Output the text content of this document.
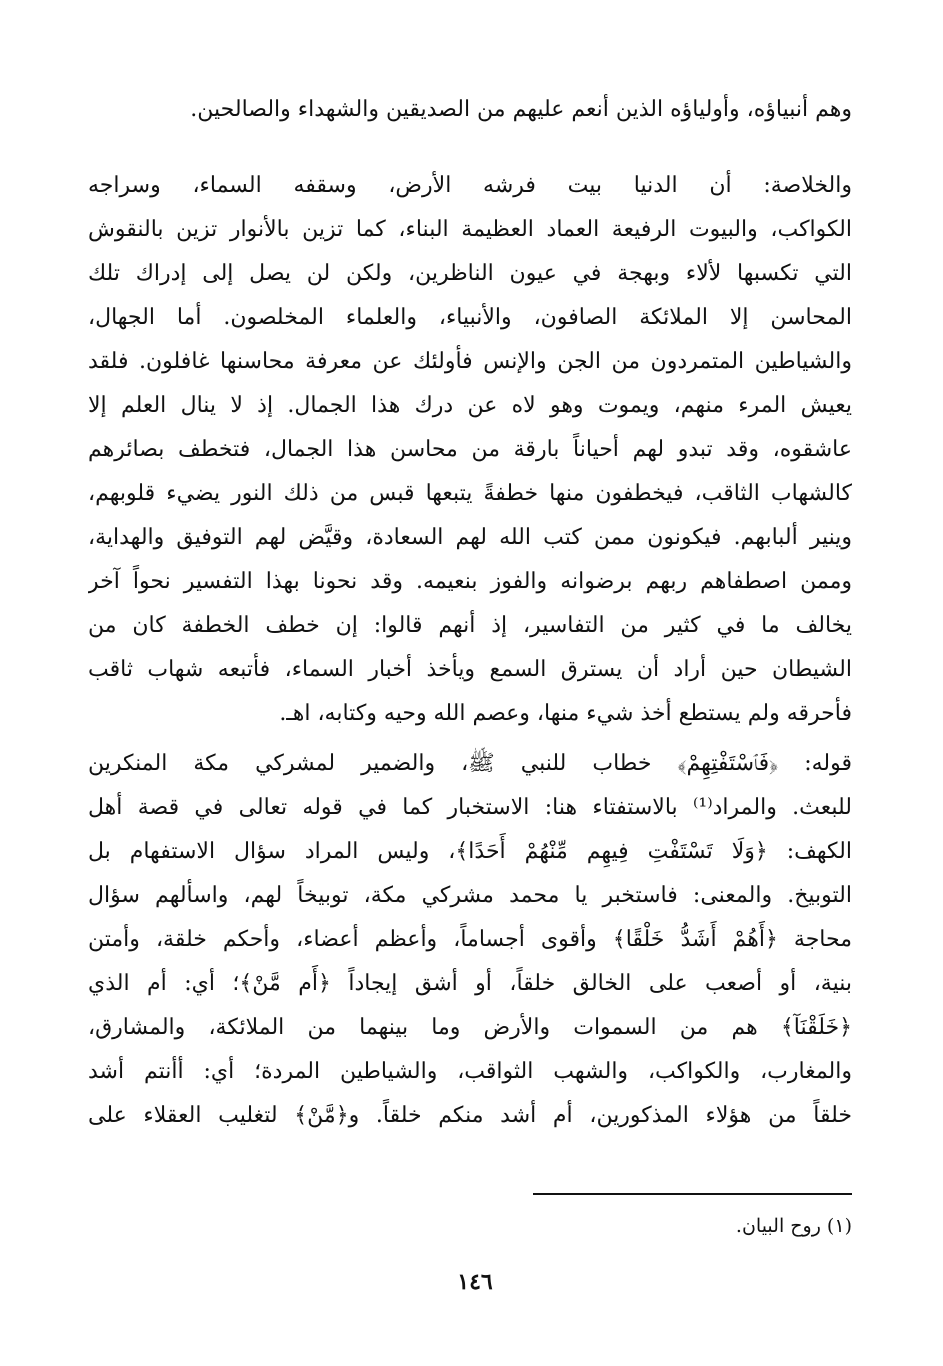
وهم أنبياؤه، وأولياؤه الذين أنعم عليهم من الصديقين والشهداء والصالحين.
والخلاصة: أن الدنيا بيت فرشه الأرض، وسقفه السماء، وسراجه
الكواكب، والبيوت الرفيعة العماد العظيمة البناء، كما تزين بالأنوار تزين بالنقوش
التي تكسبها لألاء وبهجة في عيون الناظرين، ولكن لن يصل إلى إدراك تلك
المحاسن إلا الملائكة الصافون، والأنبياء، والعلماء المخلصون. أما الجهال،
والشياطين المتمردون من الجن والإنس فأولئك عن معرفة محاسنها غافلون. فلقد
يعيش المرء منهم، ويموت وهو لاه عن درك هذا الجمال. إذ لا ينال العلم إلا
عاشقوه، وقد تبدو لهم أحياناً بارقة من محاسن هذا الجمال، فتخطف بصائرهم
كالشهاب الثاقب، فيخطفون منها خطفةً يتبعها قبس من ذلك النور يضيء قلوبهم،
وينير ألبابهم. فيكونون ممن كتب الله لهم السعادة، وقيَّض لهم التوفيق والهداية،
وممن اصطفاهم ربهم برضوانه والفوز بنعيمه. وقد نحونا بهذا التفسير نحواً آخر
يخالف ما في كثير من التفاسير، إذ أنهم قالوا: إن خطف الخطفة كان من
الشيطان حين أراد أن يسترق السمع ويأخذ أخبار السماء، فأتبعه شهاب ثاقب
فأحرقه ولم يستطع أخذ شيء منها، وعصم الله وحيه وكتابه، اهـ.
قوله: ﴿فَٱسْتَفْتِهِمْ﴾ خطاب للنبي ﷺ، والضمير لمشركي مكة المنكرين
للبعث. والمراد⁽¹⁾ بالاستفتاء هنا: الاستخبار كما في قوله تعالى في قصة أهل
الكهف: ﴿وَلَا تَسْتَفْتِ فِيهِم مِّنْهُمْ أَحَدًا﴾، وليس المراد سؤال الاستفهام بل
التوبيخ. والمعنى: فاستخبر يا محمد مشركي مكة، توبيخاً لهم، واسألهم سؤال
محاجة ﴿أَهُمْ أَشَدُّ خَلْقًا﴾ وأقوى أجساماً، وأعظم أعضاء، وأحكم خلقة، وأمتن
بنية، أو أصعب على الخالق خلقاً، أو أشق إيجاداً ﴿أَم مَّنْ﴾؛ أي: أم الذي
﴿خَلَقْنَآ﴾ هم من السموات والأرض وما بينهما من الملائكة، والمشارق،
والمغارب، والكواكب، والشهب الثواقب، والشياطين المردة؛ أي: أأنتم أشد
خلقاً من هؤلاء المذكورين، أم أشد منكم خلقاً. و﴿مَّنْ﴾ لتغليب العقلاء على
(١) روح البيان.
١٤٦
